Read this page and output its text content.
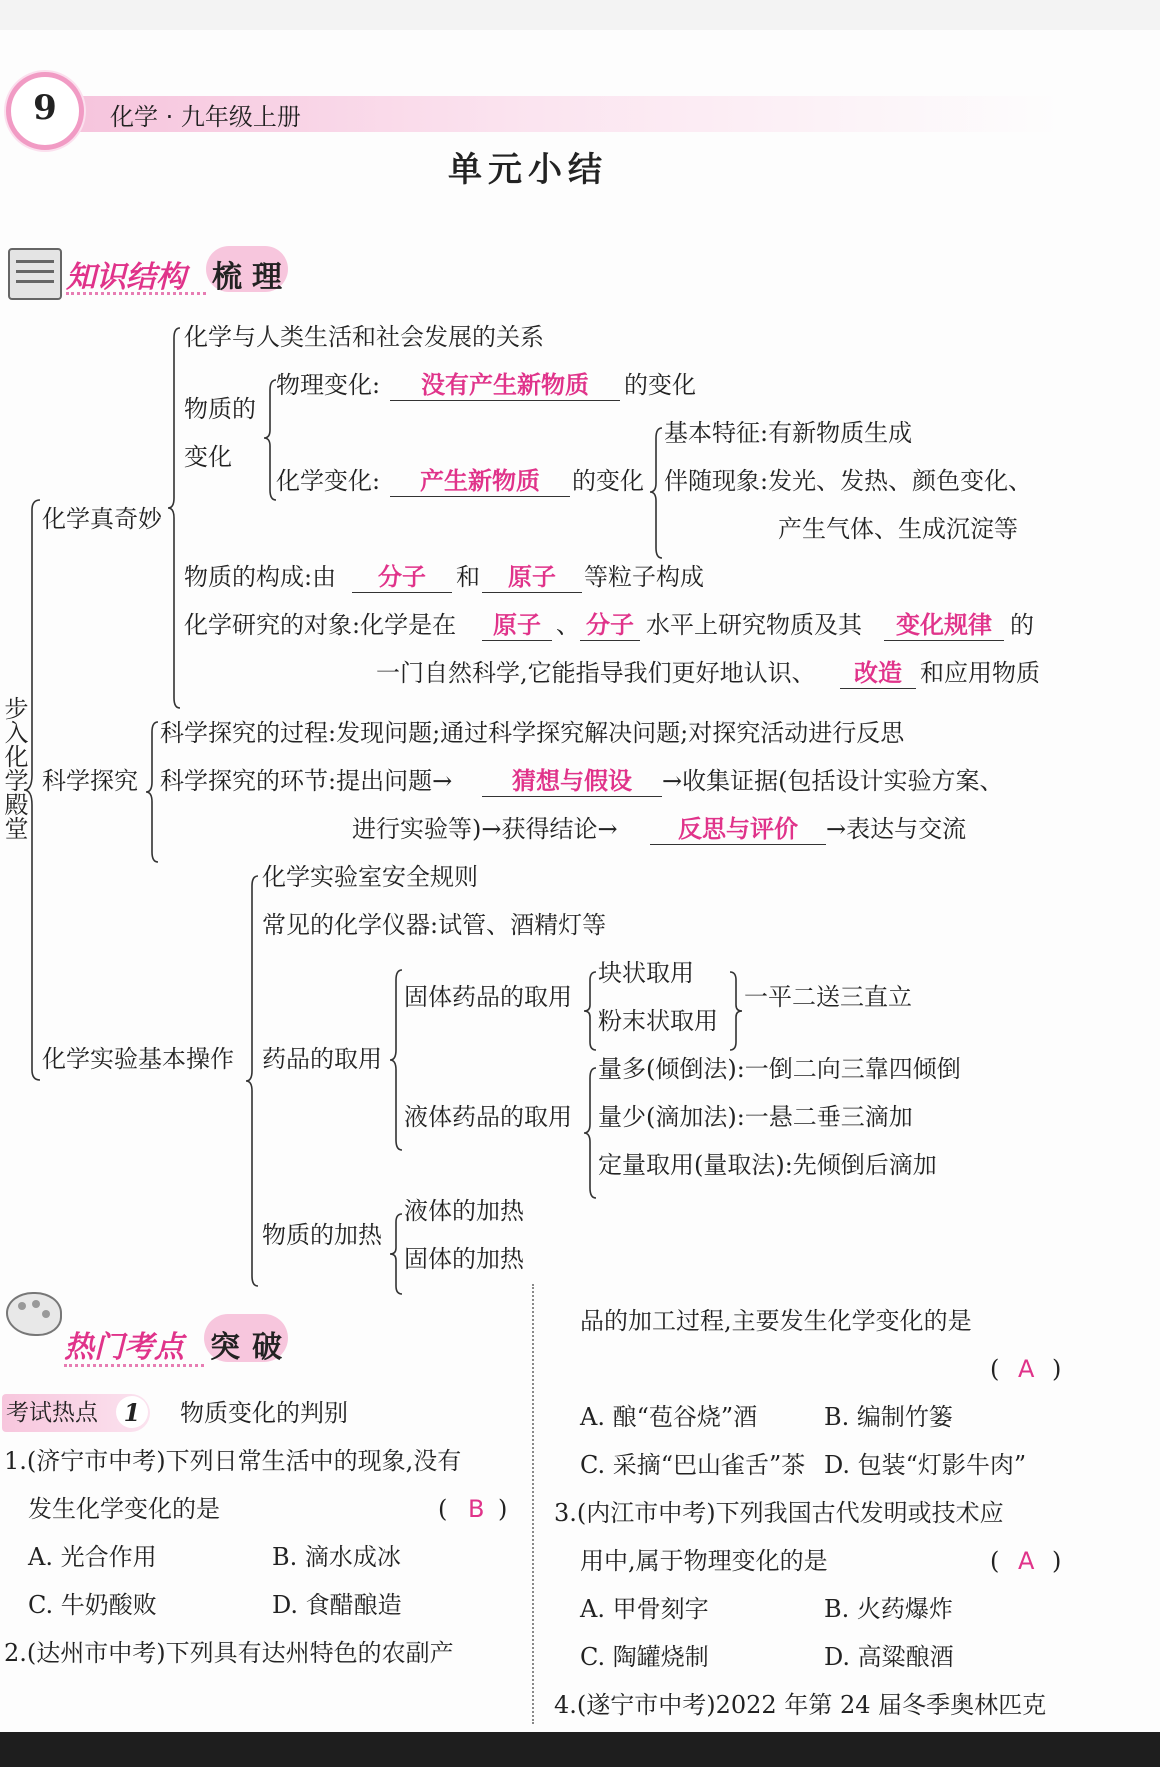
9	化学 · 九年级上册
单元小结
知识结构 梳 理
步入化学殿堂
化学真奇妙
化学与人类生活和社会发展的关系
物质的
变化
物理变化:	没有产生新物质	的变化
化学变化:	产生新物质	的变化
基本特征:有新物质生成
伴随现象:发光、发热、颜色变化、
产生气体、生成沉淀等
物质的构成:由	分子	和	原子	等粒子构成
化学研究的对象:化学是在	原子 、 分子 水平上研究物质及其	变化规律 的
一门自然科学,它能指导我们更好地认识、	改造 和应用物质
科学探究
科学探究的过程:发现问题;通过科学探究解决问题;对探究活动进行反思
科学探究的环节:提出问题→	猜想与假设	→收集证据(包括设计实验方案、
进行实验等)→获得结论→	反思与评价	→表达与交流
化学实验基本操作
化学实验室安全规则
常见的化学仪器:试管、酒精灯等
药品的取用
固体药品的取用
块状取用
粉末状取用
一平二送三直立
液体药品的取用
量多(倾倒法):一倒二向三靠四倾倒
量少(滴加法):一悬二垂三滴加
定量取用(量取法):先倾倒后滴加
物质的加热
液体的加热
固体的加热
热门考点 突 破
考试热点	1	物质变化的判别
1.(济宁市中考)下列日常生活中的现象,没有
发生化学变化的是	( B )
A. 光合作用	B. 滴水成冰
C. 牛奶酸败	D. 食醋酿造
2.(达州市中考)下列具有达州特色的农副产
品的加工过程,主要发生化学变化的是
( A )
A. 酿“苞谷烧”酒	B. 编制竹篓
C. 采摘“巴山雀舌”茶 D. 包装“灯影牛肉”
3.(内江市中考)下列我国古代发明或技术应
用中,属于物理变化的是	( A )
A. 甲骨刻字	B. 火药爆炸
C. 陶罐烧制	D. 高粱酿酒
4.(遂宁市中考)2022 年第 24 届冬季奥林匹克
